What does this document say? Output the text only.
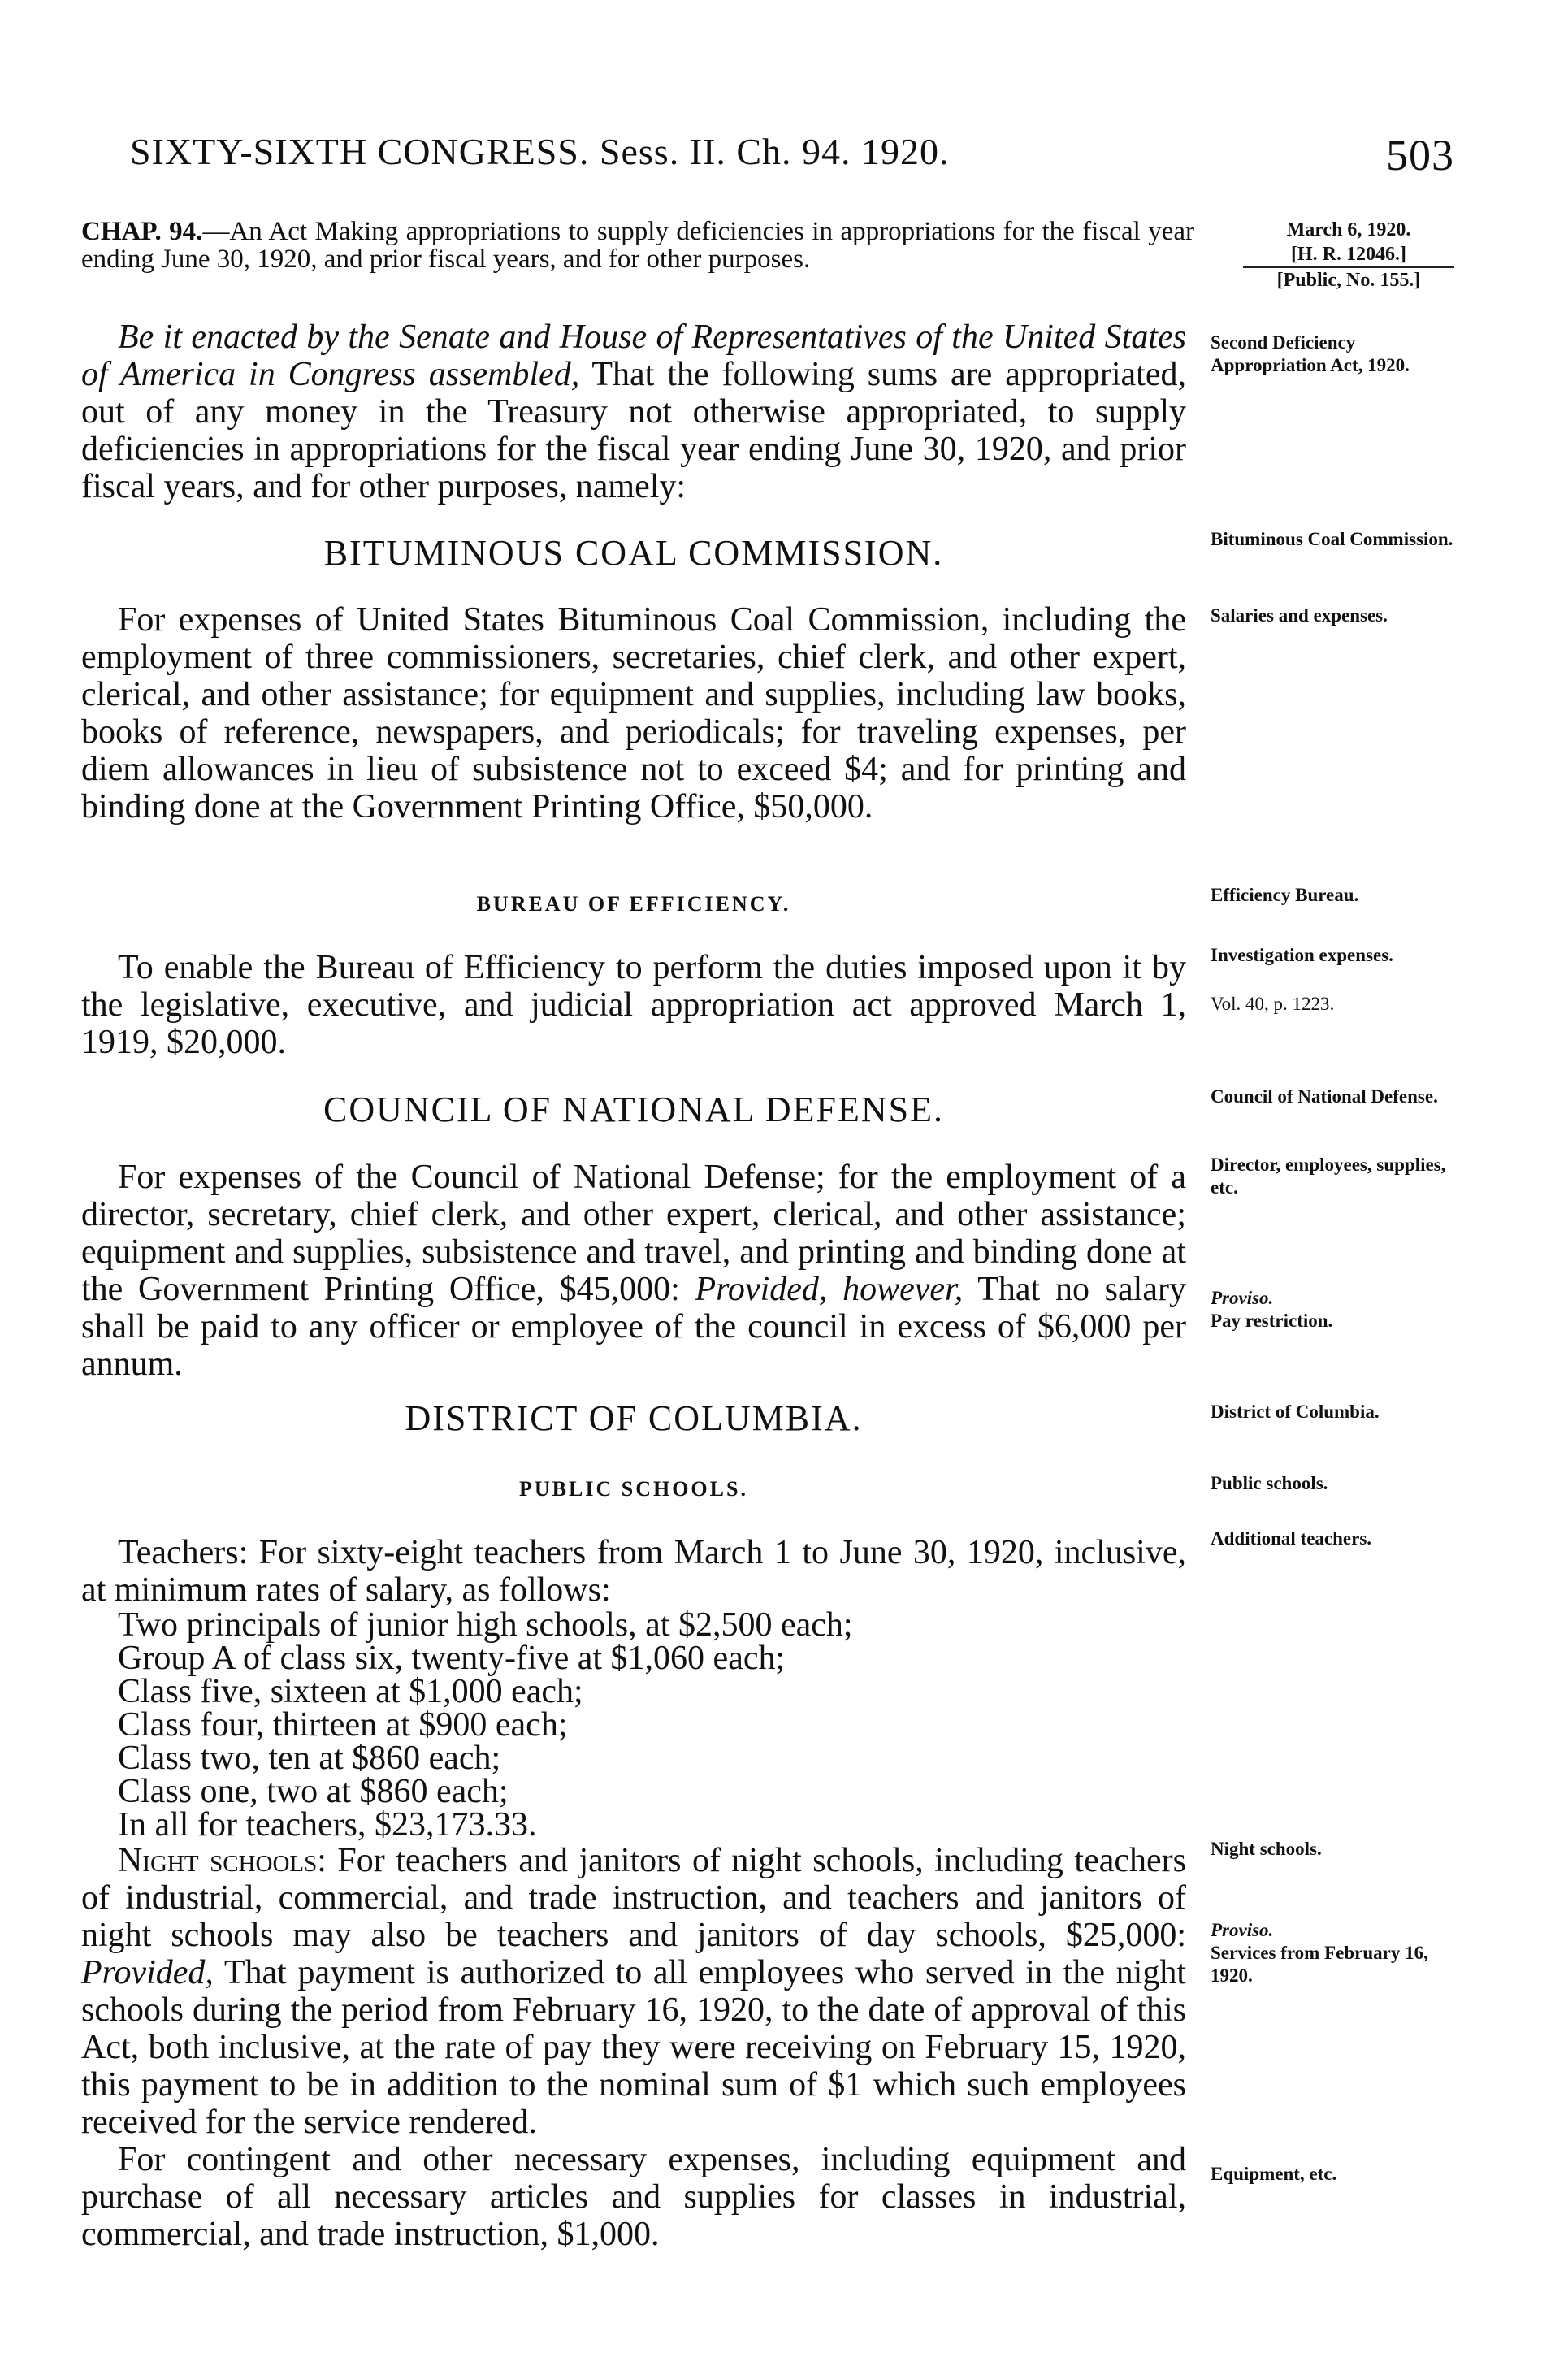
SIXTY-SIXTH CONGRESS. Sess. II. Ch. 94. 1920.	503
CHAP. 94.—An Act Making appropriations to supply deficiencies in appropriations for the fiscal year ending June 30, 1920, and prior fiscal years, and for other purposes.
March 6, 1920.
[H. R. 12046.]
[Public, No. 155.]

Be it enacted by the Senate and House of Representatives of the United States of America in Congress assembled, That the following sums are appropriated, out of any money in the Treasury not otherwise appropriated, to supply deficiencies in appropriations for the fiscal year ending June 30, 1920, and prior fiscal years, and for other purposes, namely:

Second Deficiency Appropriation Act, 1920.
BITUMINOUS COAL COMMISSION.	Bituminous Coal Commission.

For expenses of United States Bituminous Coal Commission, including the employment of three commissioners, secretaries, chief clerk, and other expert, clerical, and other assistance; for equipment and supplies, including law books, books of reference, newspapers, and periodicals; for traveling expenses, per diem allowances in lieu of subsistence not to exceed $4; and for printing and binding done at the Government Printing Office, $50,000.

Salaries and expenses.
BUREAU OF EFFICIENCY.	Efficiency Bureau.

To enable the Bureau of Efficiency to perform the duties imposed upon it by the legislative, executive, and judicial appropriation act approved March 1, 1919, $20,000.

Investigation expenses.
Vol. 40, p. 1223.
COUNCIL OF NATIONAL DEFENSE.	Council of National Defense.

For expenses of the Council of National Defense; for the employment of a director, secretary, chief clerk, and other expert, clerical, and other assistance; equipment and supplies, subsistence and travel, and printing and binding done at the Government Printing Office, $45,000: Provided, however, That no salary shall be paid to any officer or employee of the council in excess of $6,000 per annum.

Director, employees, supplies, etc.
Proviso.
Pay restriction.
DISTRICT OF COLUMBIA.	District of Columbia.
PUBLIC SCHOOLS.	Public schools.

Teachers: For sixty-eight teachers from March 1 to June 30, 1920, inclusive, at minimum rates of salary, as follows:

Two principals of junior high schools, at $2,500 each;
Group A of class six, twenty-five at $1,060 each;
Class five, sixteen at $1,000 each;
Class four, thirteen at $900 each;
Class two, ten at $860 each;
Class one, two at $860 each;
In all for teachers, $23,173.33.

Night schools: For teachers and janitors of night schools, including teachers of industrial, commercial, and trade instruction, and teachers and janitors of night schools may also be teachers and janitors of day schools, $25,000: Provided, That payment is authorized to all employees who served in the night schools during the period from February 16, 1920, to the date of approval of this Act, both inclusive, at the rate of pay they were receiving on February 15, 1920, this payment to be in addition to the nominal sum of $1 which such employees received for the service rendered.

For contingent and other necessary expenses, including equipment and purchase of all necessary articles and supplies for classes in industrial, commercial, and trade instruction, $1,000.

Additional teachers.
Night schools.
Proviso.
Services from February 16, 1920.
Equipment, etc.
